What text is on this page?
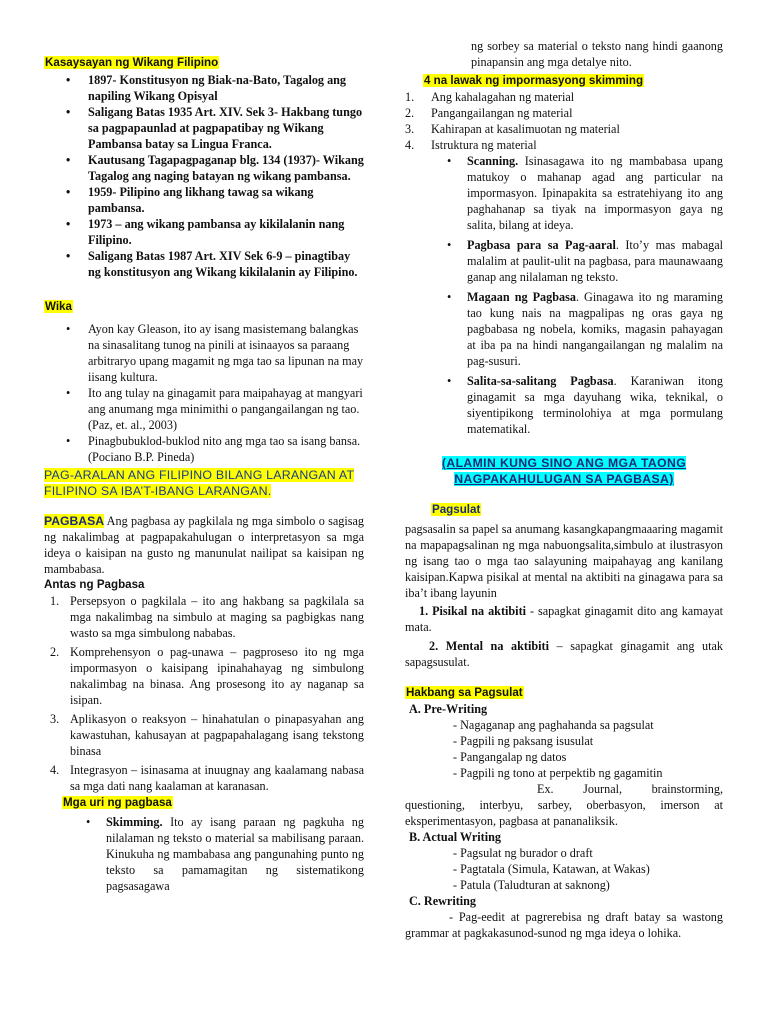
Kasaysayan ng Wikang Filipino
• 1897- Konstitusyon ng Biak-na-Bato, Tagalog ang napiling Wikang Opisyal
• Saligang Batas 1935 Art. XIV. Sek 3- Hakbang tungo sa pagpapaunlad at pagpapatibay ng Wikang Pambansa batay sa Lingua Franca.
• Kautusang Tagapagpaganap blg. 134 (1937)- Wikang Tagalog ang naging batayan ng wikang pambansa.
• 1959- Pilipino ang likhang tawag sa wikang pambansa.
• 1973 – ang wikang pambansa ay kikilalanin nang Filipino.
• Saligang Batas 1987 Art. XIV Sek 6-9 – pinagtibay ng konstitusyon ang Wikang kikilalanin ay Filipino.
Wika
• Ayon kay Gleason, ito ay isang masistemang balangkas na sinasalitang tunog na pinili at isinaayos sa paraang arbitraryo upang magamit ng mga tao sa lipunan na may iisang kultura.
• Ito ang tulay na ginagamit para maipahayag at mangyari ang anumang mga minimithi o pangangailangan ng tao. (Paz, et. al., 2003)
• Pinagbubuklod-buklod nito ang mga tao sa isang bansa.(Pociano B.P. Pineda)
PAG-ARALAN ANG FILIPINO BILANG LARANGAN AT FILIPINO SA IBA’T-IBANG LARANGAN.
PAGBASA Ang pagbasa ay pagkilala ng mga simbolo o sagisag ng nakalimbag at pagpapakahulugan o interpretasyon sa mga ideya o kaisipan na gusto ng manunulat nailipat sa kaisipan ng mambabasa.
Antas ng Pagbasa
1. Persepsyon o pagkilala – ito ang hakbang sa pagkilala sa mga nakalimbag na simbulo at maging sa pagbigkas nang wasto sa mga simbulong nababas.
2. Komprehensyon o pag-unawa – pagproseso ito ng mga impormasyon o kaisipang ipinahahayag ng simbulong nakalimbag na binasa. Ang prosesong ito ay naganap sa isipan.
3. Aplikasyon o reaksyon – hinahatulan o pinapasyahan ang kawastuhan, kahusayan at pagpapahalagang isang tekstong binasa
4. Integrasyon – isinasama at inuugnay ang kaalamang nabasa sa mga dati nang kaalaman at karanasan.
Mga uri ng pagbasa
• Skimming. Ito ay isang paraan ng pagkuha ng nilalaman ng teksto o material sa mabilisang paraan. Kinukuha ng mambabasa ang pangunahing punto ng teksto sa pamamagitan ng sistematikong pagsasagawa
ng sorbey sa material o teksto nang hindi gaanong pinapansin ang mga detalye nito.
4 na lawak ng impormasyong skimming
1. Ang kahalagahan ng material
2. Pangangailangan ng material
3. Kahirapan at kasalimuotan ng material
4. Istruktura ng material
• Scanning. Isinasagawa ito ng mambabasa upang matukoy o mahanap agad ang particular na impormasyon. Ipinapakita sa estratehiyang ito ang paghahanap sa tiyak na impormasyon gaya ng salita, bilang at ideya.
• Pagbasa para sa Pag-aaral. Ito’y mas mabagal malalim at paulit-ulit na pagbasa, para maunawaang ganap ang nilalaman ng teksto.
• Magaan ng Pagbasa. Ginagawa ito ng maraming tao kung nais na magpalipas ng oras gaya ng pagbabasa ng nobela, komiks, magasin pahayagan at iba pa na hindi nangangailangan ng malalim na pag-susuri.
• Salita-sa-salitang Pagbasa. Karaniwan itong ginagamit sa mga dayuhang wika, teknikal, o siyentipikong terminolohiya at mga pormulang matematikal.
(ALAMIN KUNG SINO ANG MGA TAONG NAGPAKAHULUGAN SA PAGBASA)
Pagsulat
pagsasalin sa papel sa anumang kasangkapangmaaaring magamit na mapapagsalinan ng mga nabuongsalita,simbulo at ilustrasyon ng isang tao o mga tao salayuning maipahayag ang kanilang kaisipan.Kapwa pisikal at mental na aktibiti na ginagawa para sa iba’t ibang layunin
1. Pisikal na aktibiti - sapagkat ginagamit dito ang kamayat mata.
2. Mental na aktibiti – sapagkat ginagamit ang utak sapagsusulat.
Hakbang sa Pagsulat
A. Pre-Writing
- Nagaganap ang paghahanda sa pagsulat
- Pagpili ng paksang isusulat
- Pangangalap ng datos
- Pagpili ng tono at perpektib ng gagamitin
Ex. Journal, brainstorming, questioning, interbyu, sarbey, oberbasyon, imerson at eksperimentasyon, pagbasa at pananaliksik.
B. Actual Writing
- Pagsulat ng burador o draft
- Pagtatala (Simula, Katawan, at Wakas)
- Patula (Taludturan at saknong)
C. Rewriting
- Pag-eedit at pagrerebisa ng draft batay sa wastong grammar at pagkakasunod-sunod ng mga ideya o lohika.
